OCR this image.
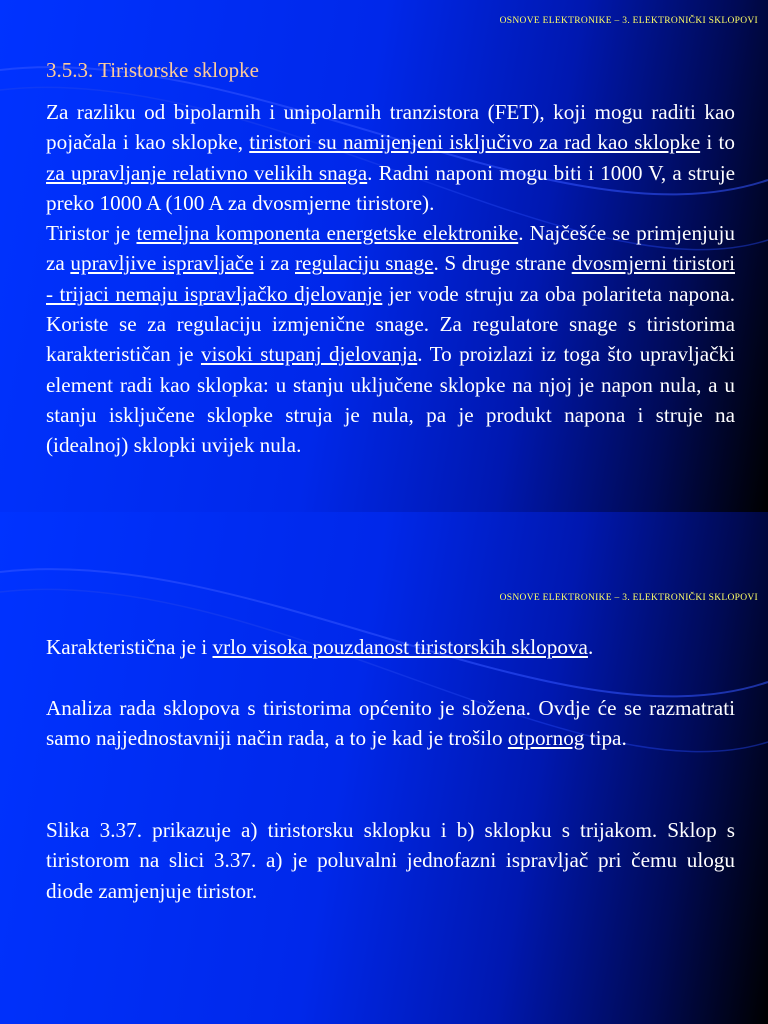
OSNOVE ELEKTRONIKE – 3. ELEKTRONIČKI SKLOPOVI
3.5.3. Tiristorske sklopke

Za razliku od bipolarnih i unipolarnih tranzistora (FET), koji mogu raditi kao pojačala i kao sklopke, tiristori su namijenjeni isključivo za rad kao sklopke i to za upravljanje relativno velikih snaga. Radni naponi mogu biti i 1000 V, a struje preko 1000 A (100 A za dvosmjerne tiristore).

Tiristor je temeljna komponenta energetske elektronike. Najčešće se primjenjuju za upravljive ispravljače i za regulaciju snage. S druge strane dvosmjerni tiristori - trijaci nemaju ispravljačko djelovanje jer vode struju za oba polariteta napona. Koriste se za regulaciju izmjenične snage. Za regulatore snage s tiristorima karakterističan je visoki stupanj djelovanja. To proizlazi iz toga što upravljački element radi kao sklopka: u stanju uključene sklopke na njoj je napon nula, a u stanju isključene sklopke struja je nula, pa je produkt napona i struje na (idealnoj) sklopki uvijek nula.

OSNOVE ELEKTRONIKE – 3. ELEKTRONIČKI SKLOPOVI

Karakteristična je i vrlo visoka pouzdanost tiristorskih sklopova.

Analiza rada sklopova s tiristorima općenito je složena. Ovdje će se razmatrati samo najjednostavniji način rada, a to je kad je trošilo otpornog tipa.

Slika 3.37. prikazuje a) tiristorsku sklopku i b) sklopku s trijakom. Sklop s tiristorom na slici 3.37. a) je poluvalni jednofazni ispravljač pri čemu ulogu diode zamjenjuje tiristor.
